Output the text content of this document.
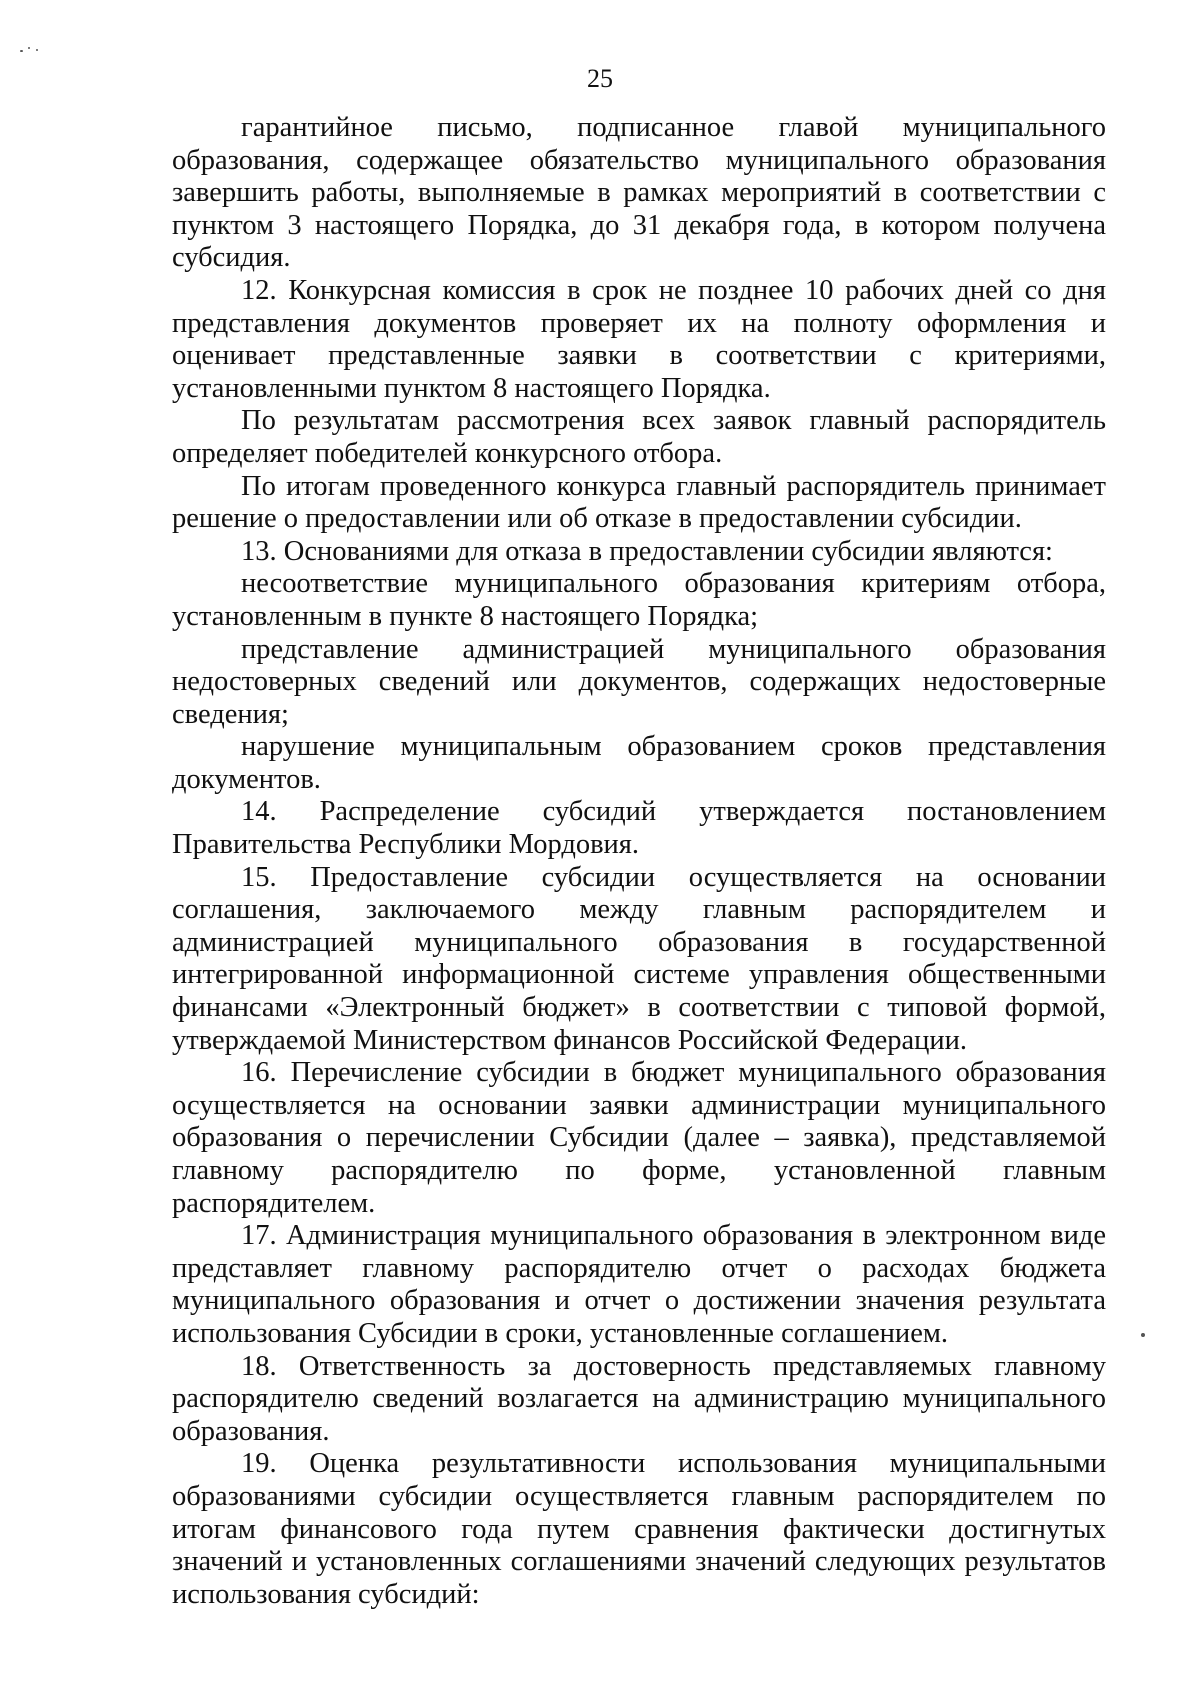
25

гарантийное письмо, подписанное главой муниципального образования, содержащее обязательство муниципального образования завершить работы, выполняемые в рамках мероприятий в соответствии с пунктом 3 настоящего Порядка, до 31 декабря года, в котором получена субсидия.

12. Конкурсная комиссия в срок не позднее 10 рабочих дней со дня представления документов проверяет их на полноту оформления и оценивает представленные заявки в соответствии с критериями, установленными пунктом 8 настоящего Порядка.

По результатам рассмотрения всех заявок главный распорядитель определяет победителей конкурсного отбора.

По итогам проведенного конкурса главный распорядитель принимает решение о предоставлении или об отказе в предоставлении субсидии.

13. Основаниями для отказа в предоставлении субсидии являются:

несоответствие муниципального образования критериям отбора, установленным в пункте 8 настоящего Порядка;

представление администрацией муниципального образования недостоверных сведений или документов, содержащих недостоверные сведения;

нарушение муниципальным образованием сроков представления документов.

14. Распределение субсидий утверждается постановлением Правительства Республики Мордовия.

15. Предоставление субсидии осуществляется на основании соглашения, заключаемого между главным распорядителем и администрацией муниципального образования в государственной интегрированной информационной системе управления общественными финансами «Электронный бюджет» в соответствии с типовой формой, утверждаемой Министерством финансов Российской Федерации.

16. Перечисление субсидии в бюджет муниципального образования осуществляется на основании заявки администрации муниципального образования о перечислении Субсидии (далее – заявка), представляемой главному распорядителю по форме, установленной главным распорядителем.

17. Администрация муниципального образования в электронном виде представляет главному распорядителю отчет о расходах бюджета муниципального образования и отчет о достижении значения результата использования Субсидии в сроки, установленные соглашением.

18. Ответственность за достоверность представляемых главному распорядителю сведений возлагается на администрацию муниципального образования.

19. Оценка результативности использования муниципальными образованиями субсидии осуществляется главным распорядителем по итогам финансового года путем сравнения фактически достигнутых значений и установленных соглашениями значений следующих результатов использования субсидий:
